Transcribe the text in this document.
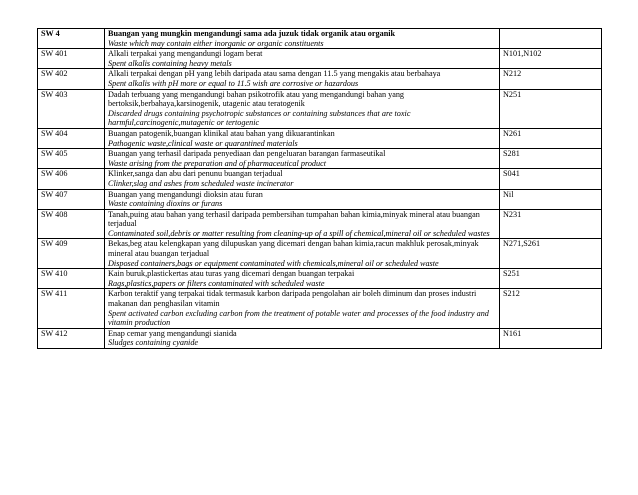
SW 4	Buangan yang mungkin mengandungi sama ada juzuk tidak organik atau organik
Waste which may contain either inorganic or organic constituents	

SW 401	Alkali terpakai yang mengandungi logam berat
Spent alkalis containing heavy metals	N101,N102
SW 402	Alkali terpakai dengan pH yang lebih daripada atau sama dengan 11.5 yang mengakis atau berbahaya
Spent alkalis with pH more or equal to 11.5 wish are corrosive or hazardous	N212
SW 403	Dadah terbuang yang mengandungi bahan psikotrofik atau yang mengandungi bahan yang bertoksik,berbahaya,karsinogenik, utagenic atau teratogenik
Discarded drugs containing psychotropic substances or containing substances that are toxic harmful,carcinogenic,mutagenic or tertogenic	N251
SW 404	Buangan patogenik,buangan klinikal atau bahan yang dikuarantinkan
Pathogenic waste,clinical waste or quarantined materials	N261
SW 405	Buangan yang terhasil daripada penyediaan dan pengeluaran barangan farmaseutikal
Waste arising from the preparation and of pharmaceutical product	S281
SW 406	Klinker,sanga dan abu dari penunu buangan terjadual
Clinker,slag and ashes from scheduled waste incinerator	S041
SW 407	Buangan yang mengandungi dioksin atau furan
Waste containing dioxins or furans	Nil
SW 408	Tanah,puing atau bahan yang terhasil daripada pembersihan tumpahan bahan kimia,minyak mineral atau buangan terjadual
Contaminated soil,debris or matter resulting from cleaning-up of a spill of chemical,mineral oil or scheduled wastes	N231
SW 409	Bekas,beg atau kelengkapan yang dilupuskan yang dicemari dengan bahan kimia,racun makhluk perosak,minyak mineral atau buangan terjadual
Disposed containers,bags or equipment contaminated with chemicals,mineral oil or scheduled waste	N271,S261
SW 410	Kain buruk,plastickertas atau turas yang dicemari dengan buangan terpakai
Rags,plastics,papers or filters contaminated with scheduled waste	S251
SW 411	Karbon teraktif yang terpakai tidak termasuk karbon daripada pengolahan air boleh diminum dan proses industri makanan dan penghasilan vitamin
Spent activated carbon excluding carbon from the treatment of potable water and processes of the food industry and vitamin production	S212
SW 412	Enap cemar yang mengandungi sianida
Sludges containing cyanide	N161
